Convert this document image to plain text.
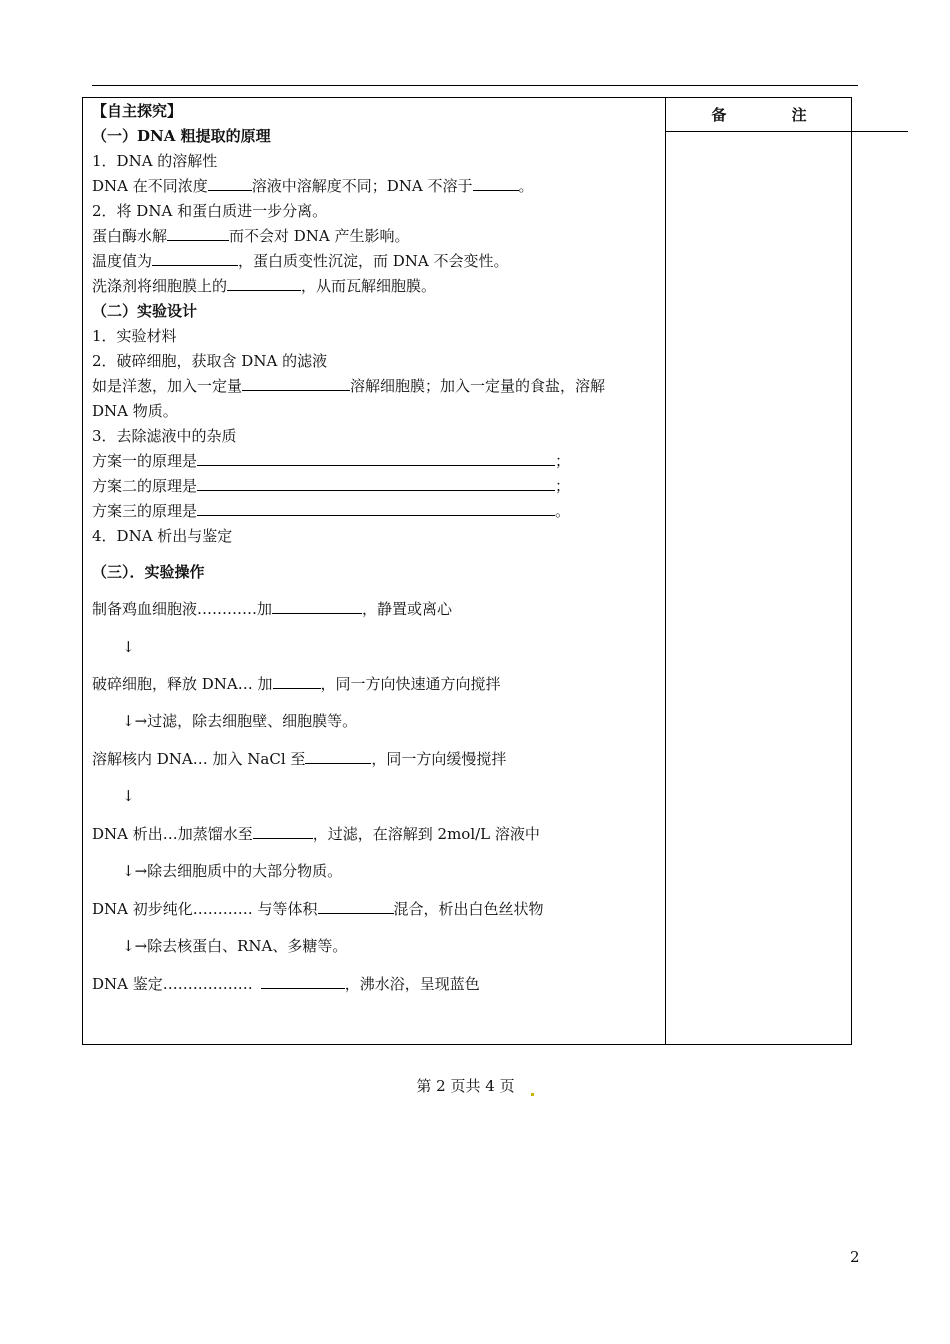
备 注
【自主探究】
（一）DNA 粗提取的原理
1．DNA 的溶解性
DNA 在不同浓度	溶液中溶解度不同；DNA 不溶于	。
2．将 DNA 和蛋白质进一步分离。
蛋白酶水解	而不会对 DNA 产生影响。
温度值为	，蛋白质变性沉淀，而 DNA 不会变性。
洗涤剂将细胞膜上的	，从而瓦解细胞膜。
（二）实验设计
1．实验材料
2．破碎细胞，获取含 DNA 的滤液
如是洋葱，加入一定量	溶解细胞膜；加入一定量的食盐，溶解
DNA 物质。
3．去除滤液中的杂质
方案一的原理是	；
方案二的原理是	；
方案三的原理是	。
4．DNA 析出与鉴定
（三）．实验操作
制备鸡血细胞液…………加	，静置或离心
↓
破碎细胞，释放 DNA… 加	，同一方向快速通方向搅拌
↓→过滤，除去细胞壁、细胞膜等。
溶解核内 DNA… 加入 NaCl 至	，同一方向缓慢搅拌
↓
DNA 析出…加蒸馏水至	，过滤，在溶解到 2mol/L 溶液中
↓→除去细胞质中的大部分物质。
DNA 初步纯化………… 与等体积	混合，析出白色丝状物
↓→除去核蛋白、RNA、多糖等。
DNA 鉴定………………	，沸水浴，呈现蓝色
第 2 页共 4 页
2
